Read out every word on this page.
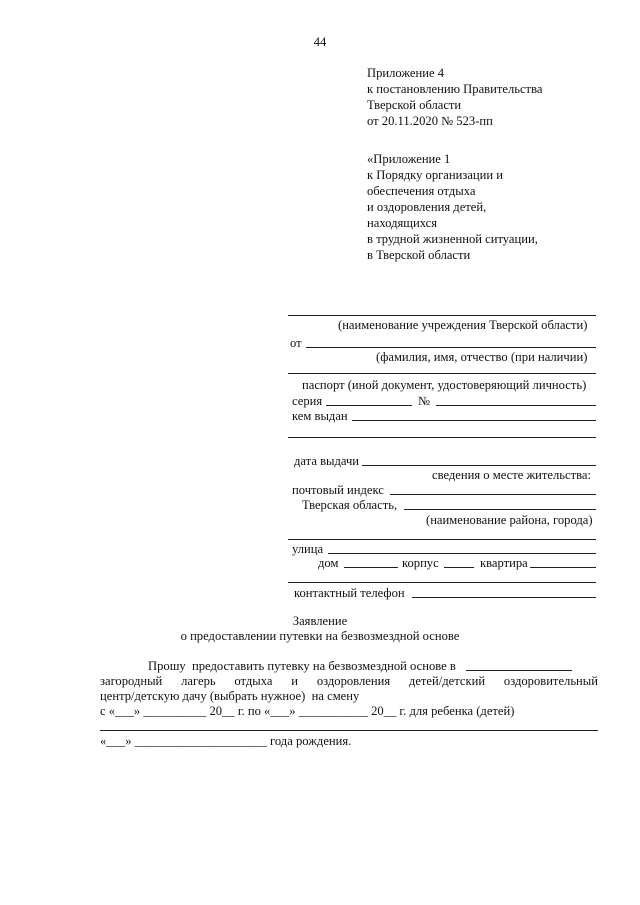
44
Приложение 4
к постановлению Правительства
Тверской области
от 20.11.2020 № 523-пп
«Приложение 1
к Порядку организации и
обеспечения отдыха
и оздоровления детей,
находящихся
в трудной жизненной ситуации,
в Тверской области
(наименование учреждения Тверской области)
от
(фамилия, имя, отчество (при наличии)
паспорт (иной документ, удостоверяющий личность)
серия	№
кем выдан
дата выдачи
сведения о месте жительства:
почтовый индекс
Тверская область,
(наименование района, города)
улица
дом	корпус	квартира
контактный телефон
Заявление
о предоставлении путевки на безвозмездной основе
Прошу  предоставить путевку на безвозмездной основе в
загородный лагерь отдыха и оздоровления детей/детский оздоровительный
центр/детскую дачу (выбрать нужное)  на смену
с «___» __________ 20__ г. по «___» ___________ 20__ г. для ребенка (детей)
«___» _____________________ года рождения.
